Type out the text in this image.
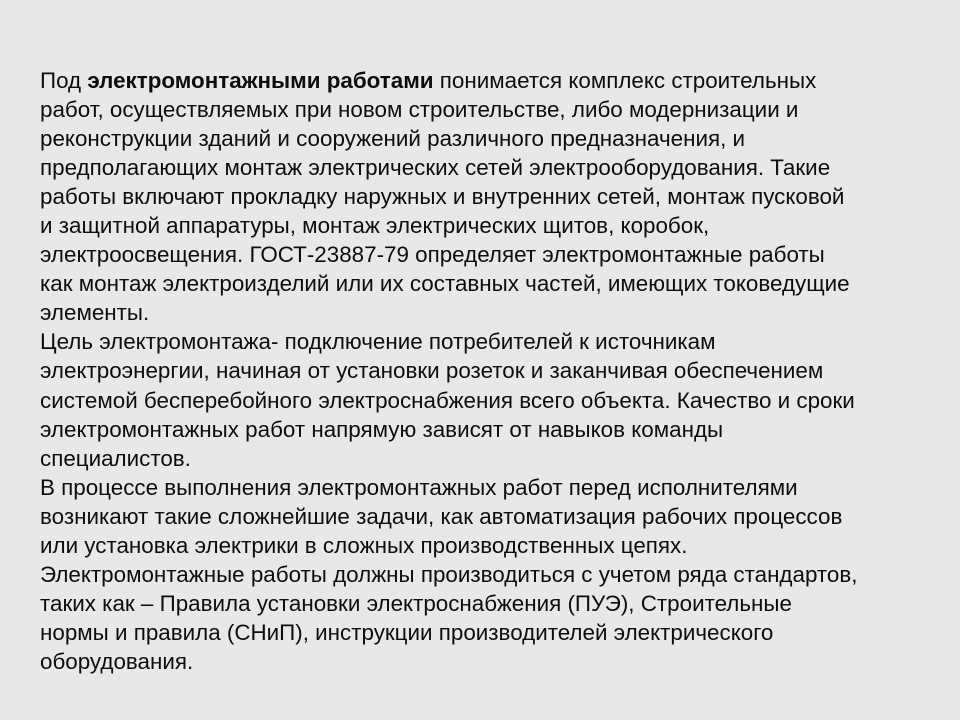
Под электромонтажными работами понимается комплекс строительных
работ, осуществляемых при новом строительстве, либо модернизации и
реконструкции зданий и сооружений различного предназначения, и
предполагающих монтаж электрических сетей электрооборудования. Такие
работы включают прокладку наружных и внутренних сетей, монтаж пусковой
и защитной аппаратуры, монтаж электрических щитов, коробок,
электроосвещения. ГОСТ-23887-79 определяет электромонтажные работы
как монтаж электроизделий или их составных частей, имеющих токоведущие
элементы.

Цель электромонтажа- подключение потребителей к источникам
электроэнергии, начиная от установки розеток и заканчивая обеспечением
системой бесперебойного электроснабжения всего объекта. Качество и сроки
электромонтажных работ напрямую зависят от навыков команды
специалистов.

В процессе выполнения электромонтажных работ перед исполнителями
возникают такие сложнейшие задачи, как автоматизация рабочих процессов
или установка электрики в сложных производственных цепях.

Электромонтажные работы должны производиться с учетом ряда стандартов,
таких как – Правила установки электроснабжения (ПУЭ), Строительные
нормы и правила (СНиП), инструкции производителей электрического
оборудования.
